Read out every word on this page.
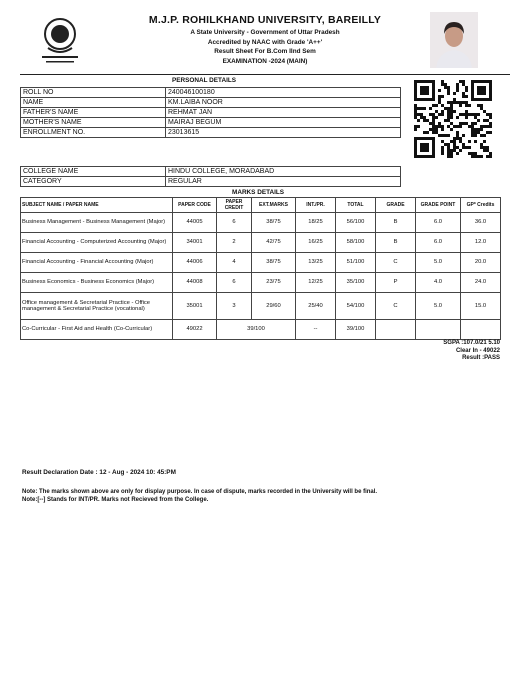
M.J.P. ROHILKHAND UNIVERSITY, BAREILLY
A State University - Government of Uttar Pradesh
Accredited by NAAC with Grade 'A++'
Result Sheet For B.Com IInd Sem
EXAMINATION -2024 (MAIN)
PERSONAL DETAILS
ROLL NO	240046100180
NAME	KM.LAIBA NOOR
FATHER'S NAME	REHMAT JAN
MOTHER'S NAME	MAIRAJ BEGUM
ENROLLMENT NO.	23013615
COLLEGE NAME	HINDU COLLEGE, MORADABAD
CATEGORY	REGULAR
MARKS DETAILS
SUBJECT NAME / PAPER NAME	PAPER CODE	PAPER CREDIT	EXT.MARKS	INT./PR.	TOTAL	GRADE	GRADE POINT	GP* Credits
Business Management - Business Management (Major)	44005	6	38/75	18/25	56/100	B	6.0	36.0
Financial Accounting - Computerized Accounting (Major)	34001	2	42/75	16/25	58/100	B	6.0	12.0
Financial Accounting - Financial Accounting (Major)	44006	4	38/75	13/25	51/100	C	5.0	20.0
Business Economics - Business Economics (Major)	44008	6	23/75	12/25	35/100	P	4.0	24.0
Office management & Secretarial Practice - Office management & Secretarial Practice (vocational)	35001	3	29/60	25/40	54/100	C	5.0	15.0
Co-Curricular - First Aid and Health (Co-Curricular)	49022	39/100		--	39/100			
SGPA :107.0/21 5.10
Clear In - 49022
Result :PASS
Result Declaration Date : 12 - Aug - 2024 10: 45:PM
Note: The marks shown above are only for display purpose. In case of dispute, marks recorded in the University will be final.
Note:[--] Stands for INT/PR. Marks not Recieved from the College.
